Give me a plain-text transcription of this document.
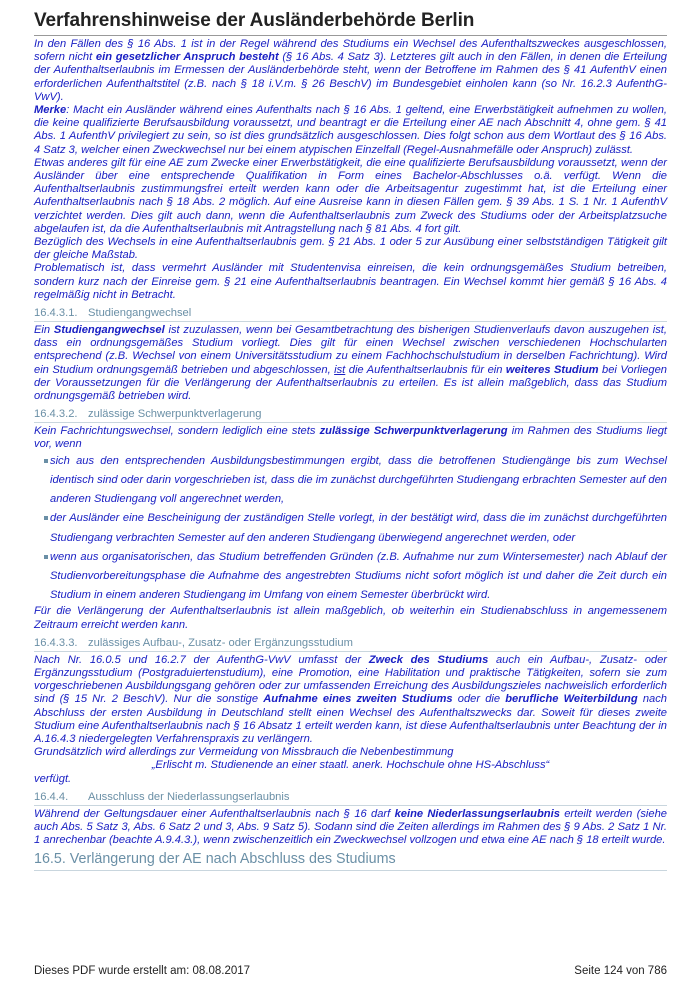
Verfahrenshinweise der Ausländerbehörde Berlin

In den Fällen des § 16 Abs. 1 ist in der Regel während des Studiums ein Wechsel des Aufenthaltszweckes ausgeschlossen, sofern nicht ein gesetzlicher Anspruch besteht (§ 16 Abs. 4 Satz 3). Letzteres gilt auch in den Fällen, in denen die Erteilung der Aufenthaltserlaubnis im Ermessen der Ausländerbehörde steht, wenn der Betroffene im Rahmen des § 41 AufenthV einen erforderlichen Aufenthaltstitel (z.B. nach § 18 i.V.m. § 26 BeschV) im Bundesgebiet einholen kann (so Nr. 16.2.3 AufenthG- VwV).

Merke: Macht ein Ausländer während eines Aufenthalts nach § 16 Abs. 1 geltend, eine Erwerbstätigkeit aufnehmen zu wollen, die keine qualifizierte Berufsausbildung voraussetzt, und beantragt er die Erteilung einer AE nach Abschnitt 4, ohne gem. § 41 Abs. 1 AufenthV privilegiert zu sein, so ist dies grundsätzlich ausgeschlossen. Dies folgt schon aus dem Wortlaut des § 16 Abs. 4 Satz 3, welcher einen Zweckwechsel nur bei einem atypischen Einzelfall (Regel-Ausnahmefälle oder Anspruch) zulässt.

Etwas anderes gilt für eine AE zum Zwecke einer Erwerbstätigkeit, die eine qualifizierte Berufsausbildung voraussetzt, wenn der Ausländer über eine entsprechende Qualifikation in Form eines Bachelor-Abschlusses o.ä. verfügt. Wenn die Aufenthaltserlaubnis zustimmungsfrei erteilt werden kann oder die Arbeitsagentur zugestimmt hat, ist die Erteilung einer Aufenthaltserlaubnis nach § 18 Abs. 2 möglich. Auf eine Ausreise kann in diesen Fällen gem. § 39 Abs. 1 S. 1 Nr. 1 AufenthV verzichtet werden. Dies gilt auch dann, wenn die Aufenthaltserlaubnis zum Zweck des Studiums oder der Arbeitsplatzsuche abgelaufen ist, da die Aufenthaltserlaubnis mit Antragstellung nach § 81 Abs. 4 fort gilt.

Bezüglich des Wechsels in eine Aufenthaltserlaubnis gem. § 21 Abs. 1 oder 5 zur Ausübung einer selbstständigen Tätigkeit gilt der gleiche Maßstab.

Problematisch ist, dass vermehrt Ausländer mit Studentenvisa einreisen, die kein ordnungsgemäßes Studium betreiben, sondern kurz nach der Einreise gem. § 21 eine Aufenthaltserlaubnis beantragen. Ein Wechsel kommt hier gemäß § 16 Abs. 4 regelmäßig nicht in Betracht.

16.4.3.1. Studiengangwechsel

Ein Studiengangwechsel ist zuzulassen, wenn bei Gesamtbetrachtung des bisherigen Studienverlaufs davon auszugehen ist, dass ein ordnungsgemäßes Studium vorliegt. Dies gilt für einen Wechsel zwischen verschiedenen Hochschularten entsprechend (z.B. Wechsel von einem Universitätsstudium zu einem Fachhochschulstudium in derselben Fachrichtung). Wird ein Studium ordnungsgemäß betrieben und abgeschlossen, ist die Aufenthaltserlaubnis für ein weiteres Studium bei Vorliegen der Voraussetzungen für die Verlängerung der Aufenthaltserlaubnis zu erteilen. Es ist allein maßgeblich, dass das Studium ordnungsgemäß betrieben wird.

16.4.3.2. zulässige Schwerpunktverlagerung

Kein Fachrichtungswechsel, sondern lediglich eine stets zulässige Schwerpunktverlagerung im Rahmen des Studiums liegt vor, wenn

sich aus den entsprechenden Ausbildungsbestimmungen ergibt, dass die betroffenen Studiengänge bis zum Wechsel identisch sind oder darin vorgeschrieben ist, dass die im zunächst durchgeführten Studiengang erbrachten Semester auf den anderen Studiengang voll angerechnet werden,
der Ausländer eine Bescheinigung der zuständigen Stelle vorlegt, in der bestätigt wird, dass die im zunächst durchgeführten Studiengang verbrachten Semester auf den anderen Studiengang überwiegend angerechnet werden, oder
wenn aus organisatorischen, das Studium betreffenden Gründen (z.B. Aufnahme nur zum Wintersemester) nach Ablauf der Studienvorbereitungsphase die Aufnahme des angestrebten Studiums nicht sofort möglich ist und daher die Zeit durch ein Studium in einem anderen Studiengang im Umfang von einem Semester überbrückt wird.

Für die Verlängerung der Aufenthaltserlaubnis ist allein maßgeblich, ob weiterhin ein Studienabschluss in angemessenem Zeitraum erreicht werden kann.

16.4.3.3. zulässiges Aufbau-, Zusatz- oder Ergänzungsstudium

Nach Nr. 16.0.5 und 16.2.7 der AufenthG-VwV umfasst der Zweck des Studiums auch ein Aufbau-, Zusatz- oder Ergänzungsstudium (Postgraduiertenstudium), eine Promotion, eine Habilitation und praktische Tätigkeiten, sofern sie zum vorgeschriebenen Ausbildungsgang gehören oder zur umfassenden Erreichung des Ausbildungszieles nachweislich erforderlich sind (§ 15 Nr. 2 BeschV). Nur die sonstige Aufnahme eines zweiten Studiums oder die berufliche Weiterbildung nach Abschluss der ersten Ausbildung in Deutschland stellt einen Wechsel des Aufenthaltszwecks dar. Soweit für dieses zweite Studium eine Aufenthaltserlaubnis nach § 16 Absatz 1 erteilt werden kann, ist diese Aufenthaltserlaubnis unter Beachtung der in A.16.4.3 niedergelegten Verfahrenspraxis zu verlängern.

Grundsätzlich wird allerdings zur Vermeidung von Missbrauch die Nebenbestimmung

„Erlischt m. Studienende an einer staatl. anerk. Hochschule ohne HS-Abschluss“

verfügt.

16.4.4. Ausschluss der Niederlassungserlaubnis

Während der Geltungsdauer einer Aufenthaltserlaubnis nach § 16 darf keine Niederlassungserlaubnis erteilt werden (siehe auch Abs. 5 Satz 3, Abs. 6 Satz 2 und 3, Abs. 9 Satz 5). Sodann sind die Zeiten allerdings im Rahmen des § 9 Abs. 2 Satz 1 Nr. 1 anrechenbar (beachte A.9.4.3.), wenn zwischenzeitlich ein Zweckwechsel vollzogen und etwa eine AE nach § 18 erteilt wurde.

16.5. Verlängerung der AE nach Abschluss des Studiums
Dieses PDF wurde erstellt am: 08.08.2017	Seite 124 von 786
